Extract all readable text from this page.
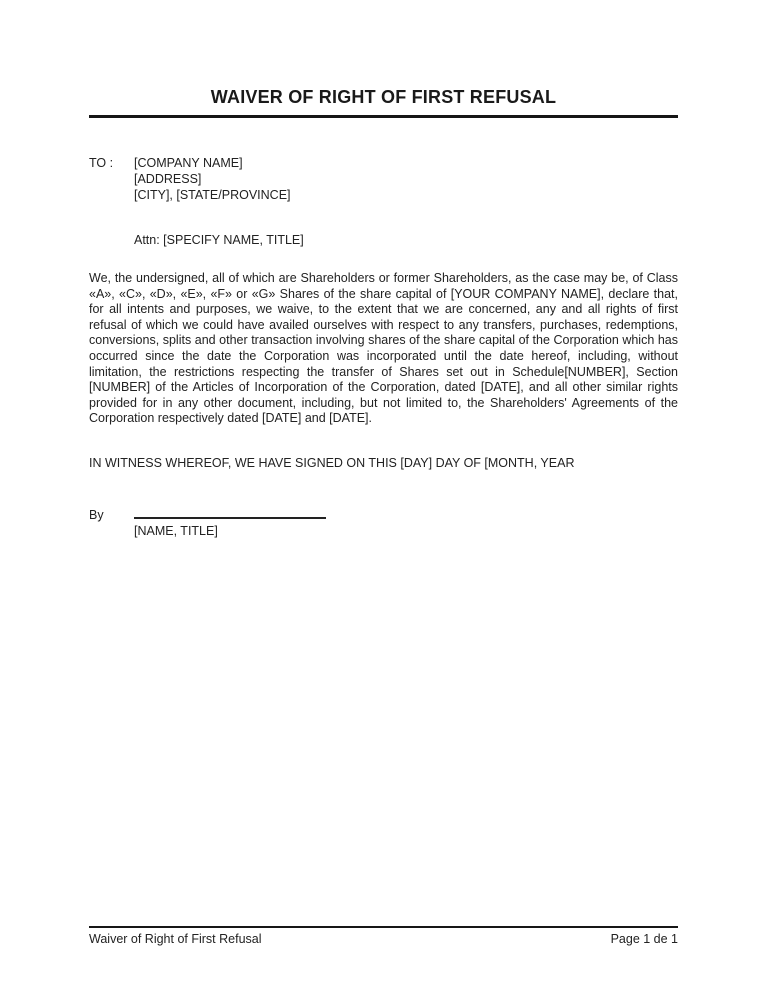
WAIVER OF RIGHT OF FIRST REFUSAL
TO :	[COMPANY NAME]
[ADDRESS]
[CITY], [STATE/PROVINCE]
Attn: [SPECIFY NAME, TITLE]
We, the undersigned, all of which are Shareholders or former Shareholders, as the case may be, of Class «A», «C», «D», «E», «F» or «G» Shares of the share capital of [YOUR COMPANY NAME], declare that, for all intents and purposes, we waive, to the extent that we are concerned, any and all rights of first refusal of which we could have availed ourselves with respect to any transfers, purchases, redemptions, conversions, splits and other transaction involving shares of the share capital of the Corporation which has occurred since the date the Corporation was incorporated until the date hereof, including, without limitation, the restrictions respecting the transfer of Shares set out in Schedule[NUMBER], Section [NUMBER] of the Articles of Incorporation of the Corporation, dated [DATE], and all other similar rights provided for in any other document, including, but not limited to, the Shareholders' Agreements of the Corporation respectively dated [DATE] and [DATE].
IN WITNESS WHEREOF, WE HAVE SIGNED ON THIS [DAY] DAY OF [MONTH, YEAR
By
[NAME, TITLE]
Waiver of Right of First Refusal	Page 1 de 1
